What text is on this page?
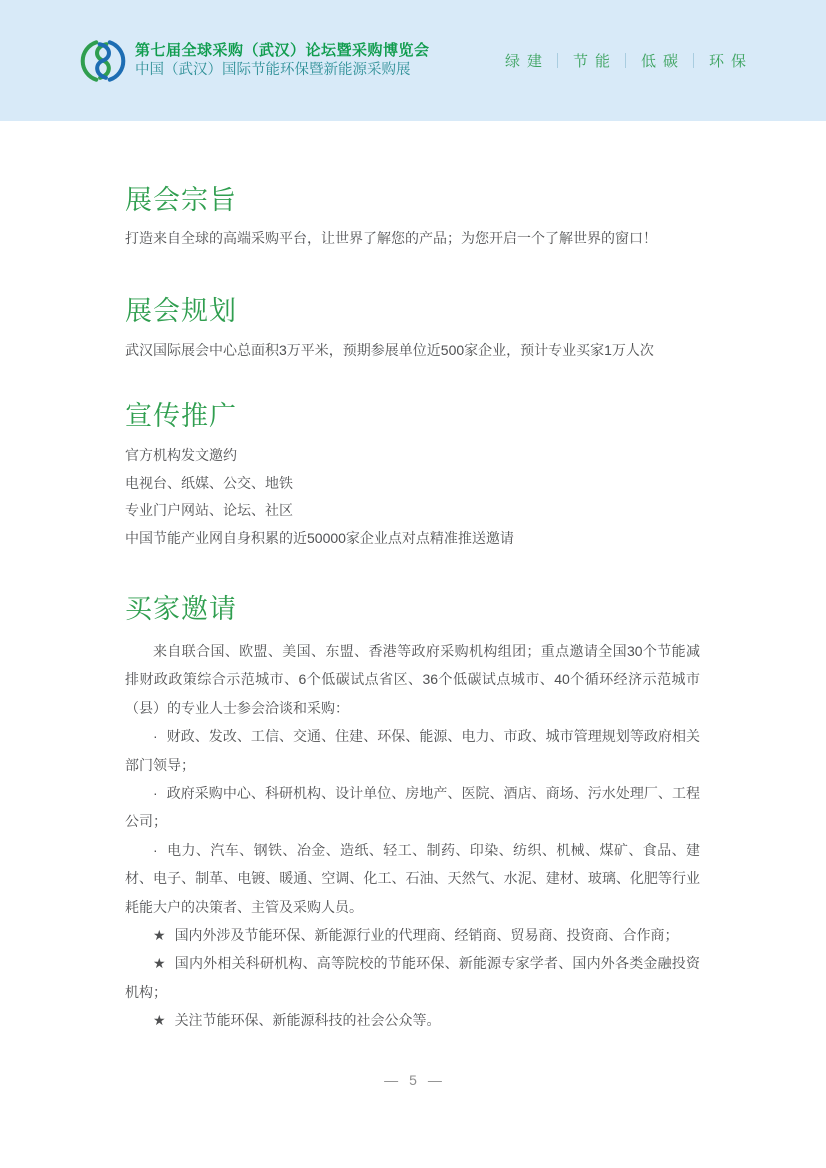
第七届全球采购（武汉）论坛暨采购博览会
中国（武汉）国际节能环保暨新能源采购展	绿建 节能 低碳 环保
展会宗旨

打造来自全球的高端采购平台，让世界了解您的产品；为您开启一个了解世界的窗口！

展会规划

武汉国际展会中心总面积3万平米，预期参展单位近500家企业，预计专业买家1万人次

宣传推广

官方机构发文邀约

电视台、纸媒、公交、地铁

专业门户网站、论坛、社区

中国节能产业网自身积累的近50000家企业点对点精准推送邀请

买家邀请

来自联合国、欧盟、美国、东盟、香港等政府采购机构组团；重点邀请全国30个节能减排财政政策综合示范城市、6个低碳试点省区、36个低碳试点城市、40个循环经济示范城市（县）的专业人士参会洽谈和采购：

· 财政、发改、工信、交通、住建、环保、能源、电力、市政、城市管理规划等政府相关部门领导；

· 政府采购中心、科研机构、设计单位、房地产、医院、酒店、商场、污水处理厂、工程公司；

· 电力、汽车、钢铁、冶金、造纸、轻工、制药、印染、纺织、机械、煤矿、食品、建材、电子、制革、电镀、暖通、空调、化工、石油、天然气、水泥、建材、玻璃、化肥等行业耗能大户的决策者、主管及采购人员。

★ 国内外涉及节能环保、新能源行业的代理商、经销商、贸易商、投资商、合作商；

★ 国内外相关科研机构、高等院校的节能环保、新能源专家学者、国内外各类金融投资机构；

★ 关注节能环保、新能源科技的社会公众等。

— 5 —
